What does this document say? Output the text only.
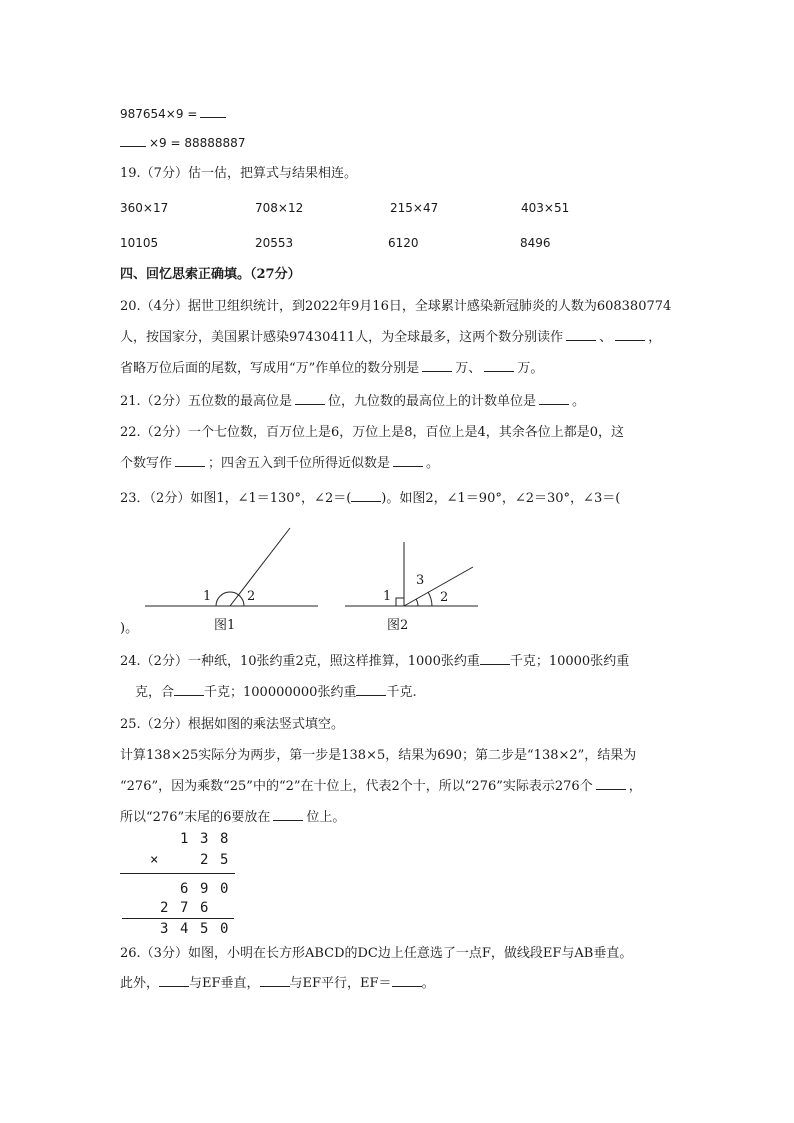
987654×9 =
×9 = 88888887
19.（7分）估一估，把算式与结果相连。
360×17	708×12	215×47	403×51
10105	20553	6120	8496
四、回忆思索正确填。（27分）
20.（4分）据世卫组织统计，到2022年9月16日，全球累计感染新冠肺炎的人数为608380774
人，按国家分，美国累计感染97430411人，为全球最多，这两个数分别读作	、	，
省略万位后面的尾数，写成用“万”作单位的数分别是	万、	万。
21.（2分）五位数的最高位是	位，九位数的最高位上的计数单位是	。
22.（2分）一个七位数，百万位上是6，万位上是8，百位上是4，其余各位上都是0，这
个数写作	；四舍五入到千位所得近似数是	。
23．（2分）如图1，∠1＝130°，∠2＝( )。如图2，∠1＝90°，∠2＝30°，∠3＝(
1	2
图1
1
3
2
图2
)。
24.（2分）一种纸，10张约重2克，照这样推算，1000张约重 千克；10000张约重
克，合 千克；100000000张约重 千克.
25.（2分）根据如图的乘法竖式填空。
计算138×25实际分为两步，第一步是138×5，结果为690；第二步是“138×2”，结果为
“276”，因为乘数“25”中的“2”在十位上，代表2个十，所以“276”实际表示276个	，
所以“276”末尾的6要放在	位上。
1 3 8
×	2 5
6 9 0
2 7 6
3 4 5 0
26.（3分）如图，小明在长方形ABCD的DC边上任意选了一点F，做线段EF与AB垂直。
此外， 与EF垂直， 与EF平行，EF＝ 。
